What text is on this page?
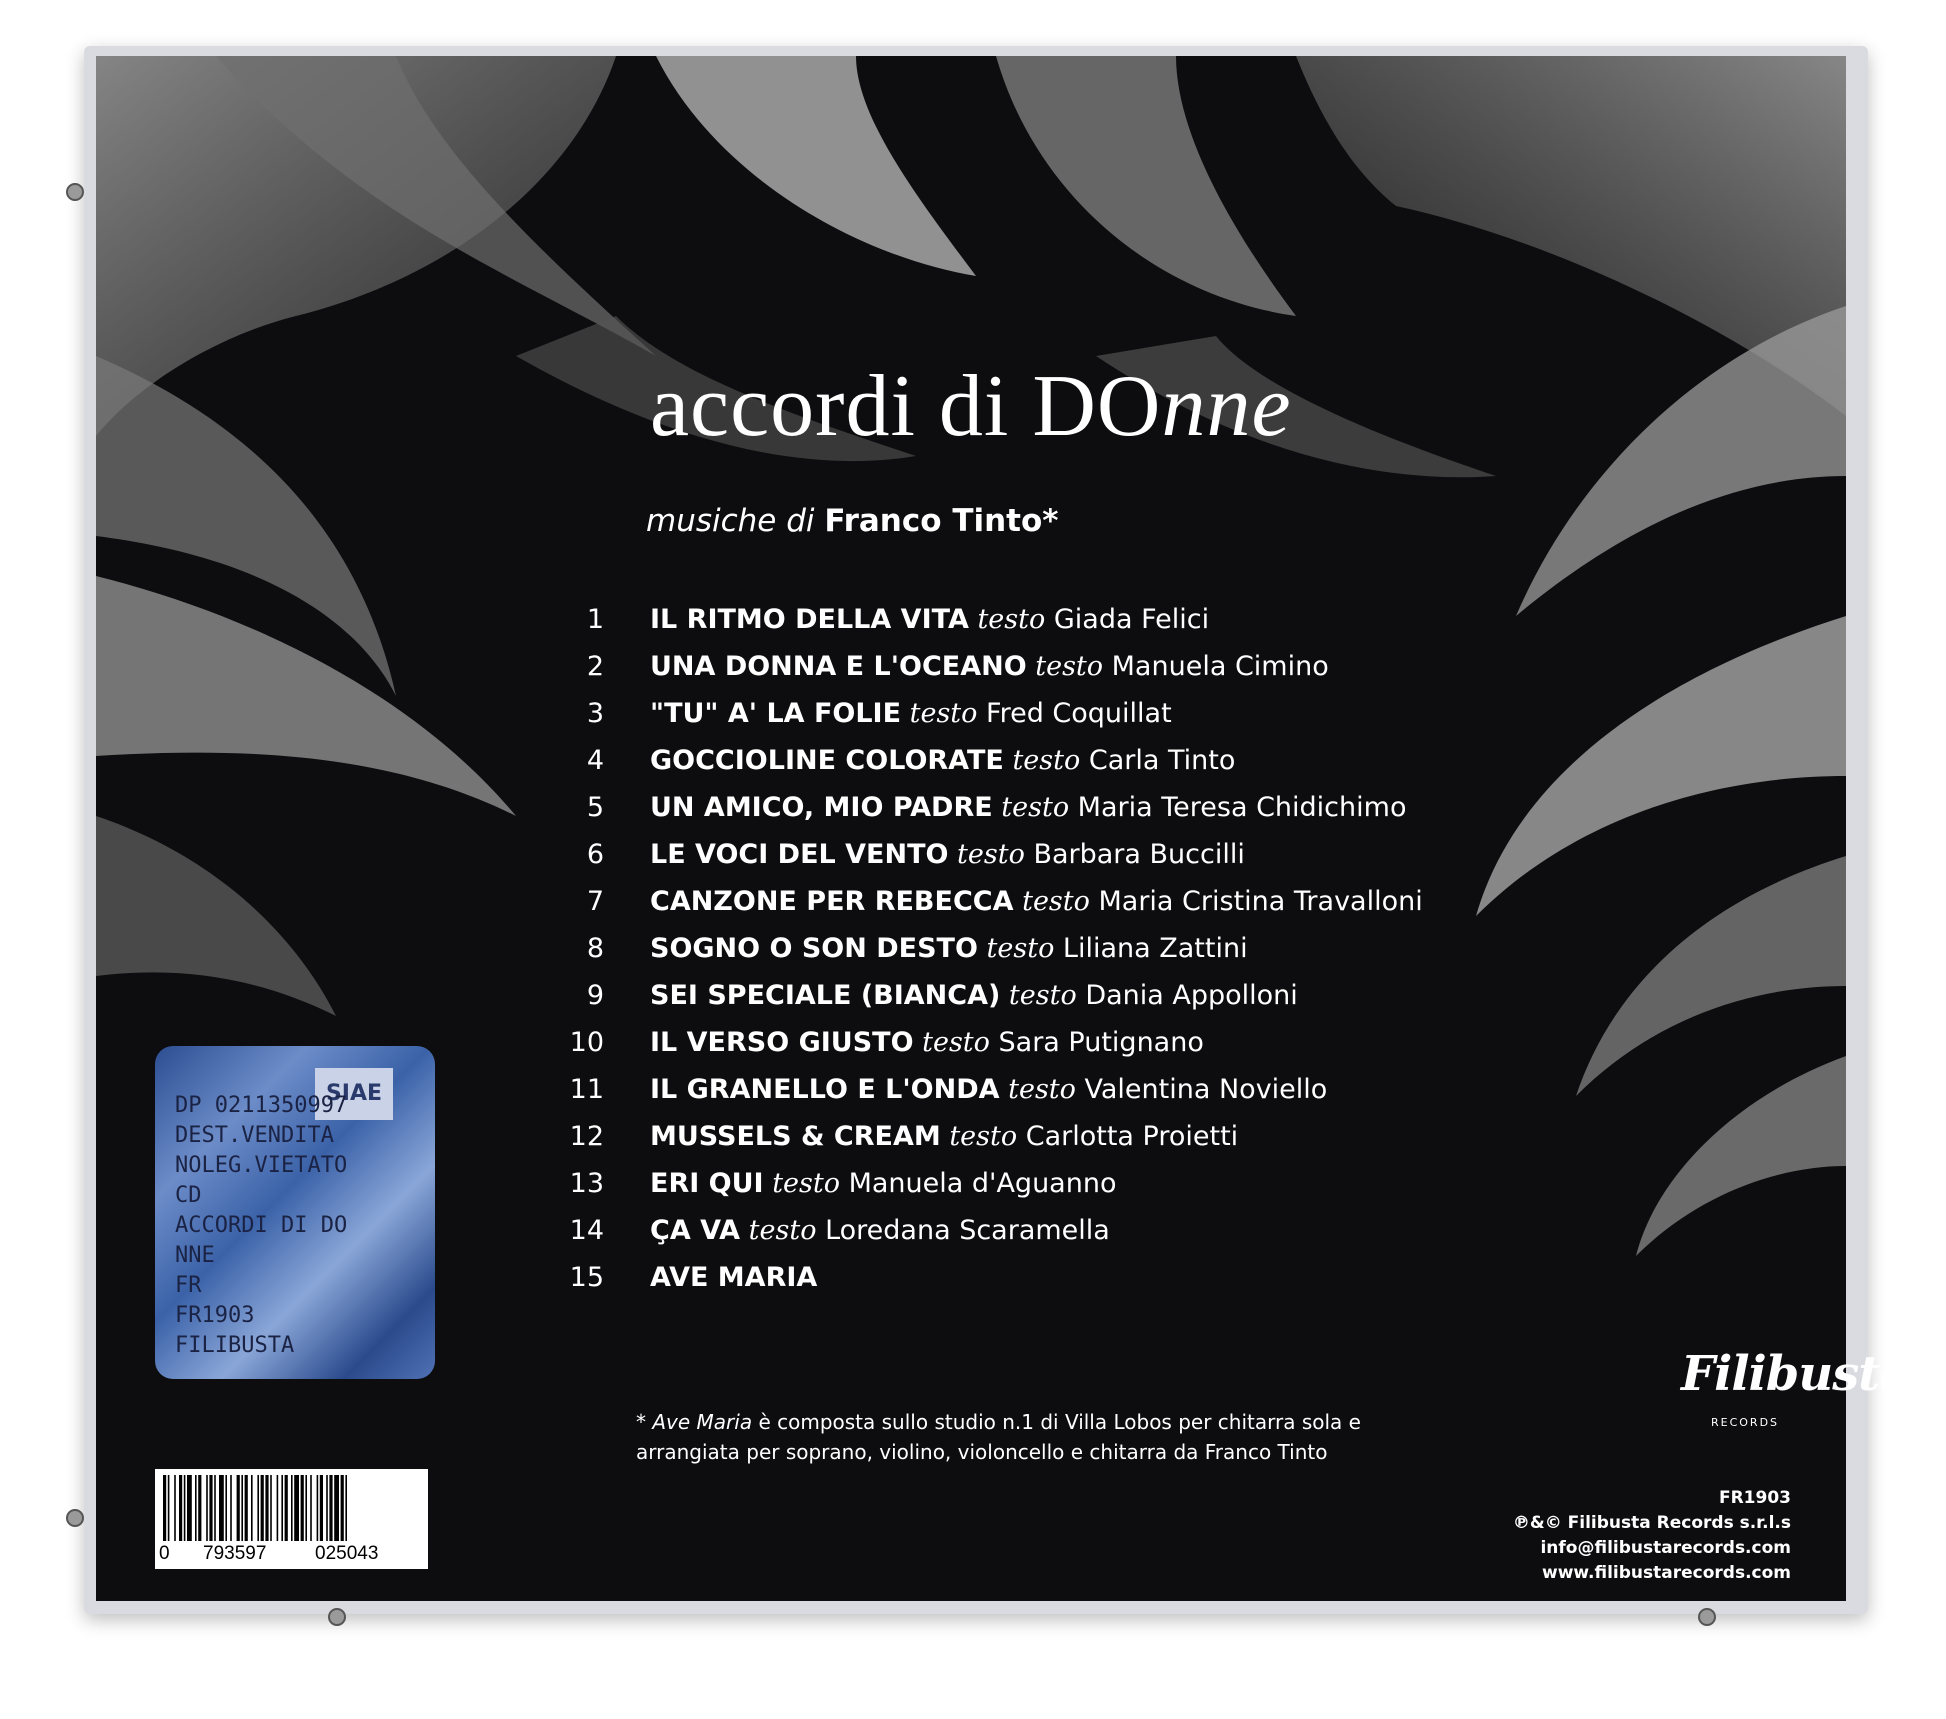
accordi di DOnne
musiche di Franco Tinto*
1 IL RITMO DELLA VITA testo Giada Felici
2 UNA DONNA E L'OCEANO testo Manuela Cimino
3 "TU" A' LA FOLIE testo Fred Coquillat
4 GOCCIOLINE COLORATE testo Carla Tinto
5 UN AMICO, MIO PADRE testo Maria Teresa Chidichimo
6 LE VOCI DEL VENTO testo Barbara Buccilli
7 CANZONE PER REBECCA testo Maria Cristina Travalloni
8 SOGNO O SON DESTO testo Liliana Zattini
9 SEI SPECIALE (BIANCA) testo Dania Appolloni
10 IL VERSO GIUSTO testo Sara Putignano
11 IL GRANELLO E L'ONDA testo Valentina Noviello
12 MUSSELS & CREAM testo Carlotta Proietti
13 ERI QUI testo Manuela d'Aguanno
14 ÇA VA testo Loredana Scaramella
15 AVE MARIA
* Ave Maria è composta sullo studio n.1 di Villa Lobos per chitarra sola e
arrangiata per soprano, violino, violoncello e chitarra da Franco Tinto
SIAE
DP 0211350997
DEST.VENDITA
NOLEG.VIETATO
CD
ACCORDI DI DO
NNE
FR
FR1903
FILIBUSTA
0 793597	025043
Filibusta
RECORDS
FR1903
℗&© Filibusta Records s.r.l.s
info@filibustarecords.com
www.filibustarecords.com
